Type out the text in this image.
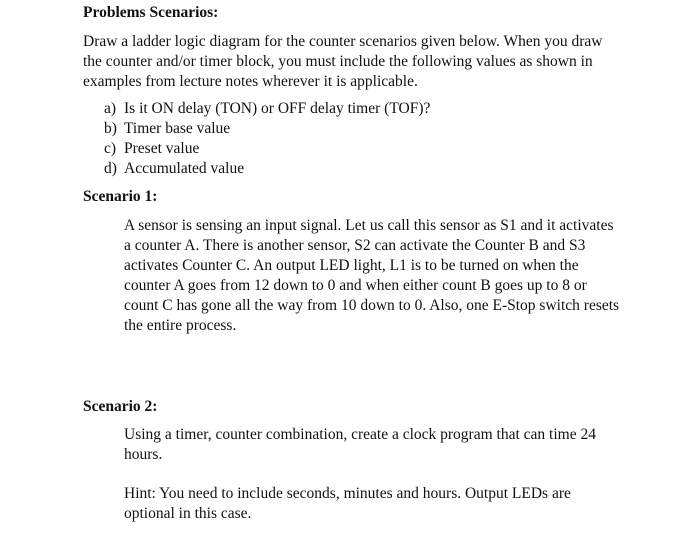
Problems Scenarios:

Draw a ladder logic diagram for the counter scenarios given below. When you draw the counter and/or timer block, you must include the following values as shown in examples from lecture notes wherever it is applicable.

a) Is it ON delay (TON) or OFF delay timer (TOF)?
b) Timer base value
c) Preset value
d) Accumulated value
Scenario 1:

A sensor is sensing an input signal. Let us call this sensor as S1 and it activates a counter A. There is another sensor, S2 can activate the Counter B and S3 activates Counter C. An output LED light, L1 is to be turned on when the counter A goes from 12 down to 0 and when either count B goes up to 8 or count C has gone all the way from 10 down to 0. Also, one E-Stop switch resets the entire process.

Scenario 2:

Using a timer, counter combination, create a clock program that can time 24 hours.

Hint: You need to include seconds, minutes and hours. Output LEDs are optional in this case.
